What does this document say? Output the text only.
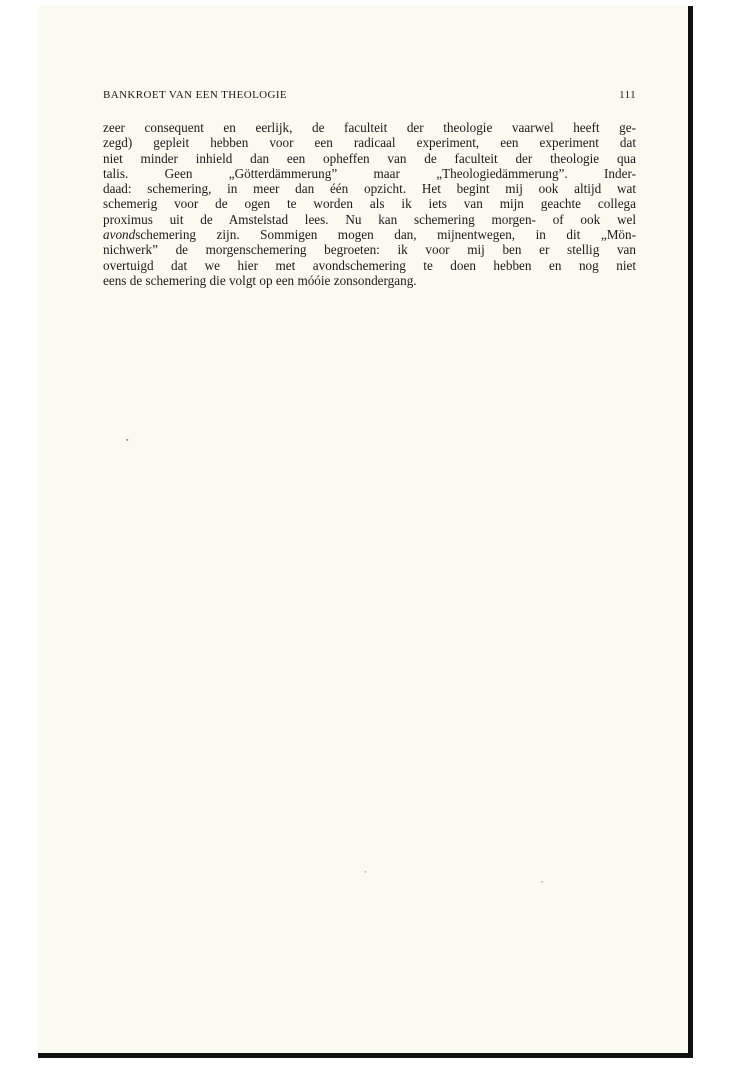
BANKROET VAN EEN THEOLOGIE	111
zeer consequent en eerlijk, de faculteit der theologie vaarwel heeft ge-
zegd) gepleit hebben voor een radicaal experiment, een experiment dat
niet minder inhield dan een opheffen van de faculteit der theologie qua
talis. Geen „Götterdämmerung” maar „Theologiedämmerung”. Inder-
daad: schemering, in meer dan één opzicht. Het begint mij ook altijd wat
schemerig voor de ogen te worden als ik iets van mijn geachte collega
proximus uit de Amstelstad lees. Nu kan schemering morgen- of ook wel
avondschemering zijn. Sommigen mogen dan, mijnentwegen, in dit „Mön-
nichwerk” de morgenschemering begroeten: ik voor mij ben er stellig van
overtuigd dat we hier met avondschemering te doen hebben en nog niet
eens de schemering die volgt op een móóie zonsondergang.
